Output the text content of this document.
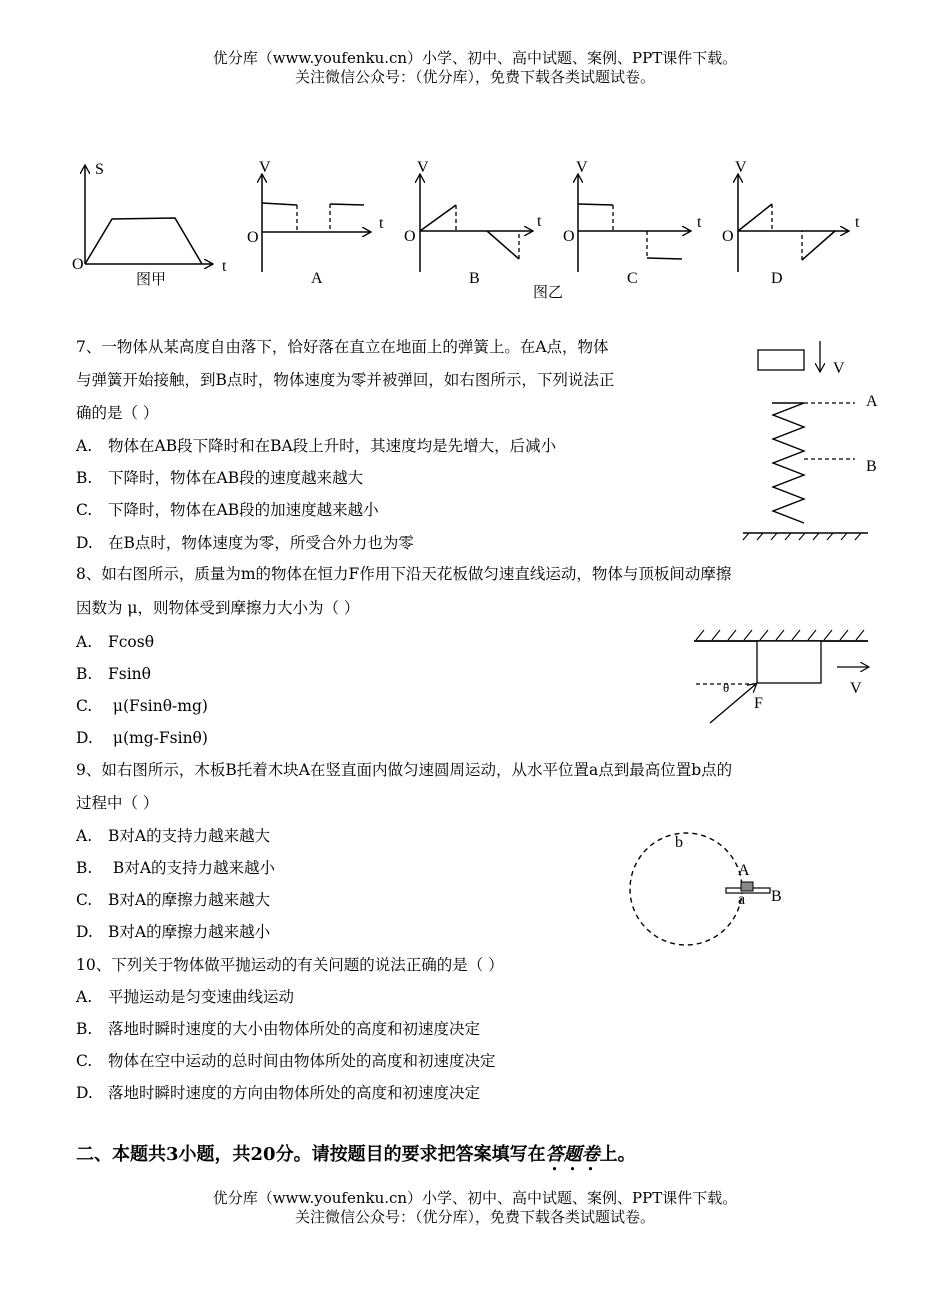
优分库（www.youfenku.cn）小学、初中、高中试题、案例、PPT课件下载。
关注微信公众号：（优分库），免费下载各类试题试卷。
S
t
O
图甲
V
t
O
A
V
t
O
B
V
t
O
C
V
t
O
D
图乙
7、一物体从某高度自由落下，恰好落在直立在地面上的弹簧上。在A点，物体
与弹簧开始接触，到B点时，物体速度为零并被弹回，如右图所示，下列说法正
确的是（ ）
A. 物体在AB段下降时和在BA段上升时，其速度均是先增大，后减小
B. 下降时，物体在AB段的速度越来越大
C. 下降时，物体在AB段的加速度越来越小
D. 在B点时，物体速度为零，所受合外力也为零
V
A
B
8、如右图所示，质量为m的物体在恒力F作用下沿天花板做匀速直线运动，物体与顶板间动摩擦
因数为 μ，则物体受到摩擦力大小为（ ）
A. Fcosθ
B. Fsinθ
C. μ(Fsinθ-mg)
D. μ(mg-Fsinθ)
θ
F
V
9、如右图所示，木板B托着木块A在竖直面内做匀速圆周运动，从水平位置a点到最高位置b点的
过程中（ ）
A. B对A的支持力越来越大
B. B对A的支持力越来越小
C. B对A的摩擦力越来越大
D. B对A的摩擦力越来越小
b
a
A
B
10、下列关于物体做平抛运动的有关问题的说法正确的是（ ）
A. 平抛运动是匀变速曲线运动
B. 落地时瞬时速度的大小由物体所处的高度和初速度决定
C. 物体在空中运动的总时间由物体所处的高度和初速度决定
D. 落地时瞬时速度的方向由物体所处的高度和初速度决定
二、本题共3小题，共20分。请按题目的要求把答案填写在答题卷上。
优分库（www.youfenku.cn）小学、初中、高中试题、案例、PPT课件下载。
关注微信公众号：（优分库），免费下载各类试题试卷。
